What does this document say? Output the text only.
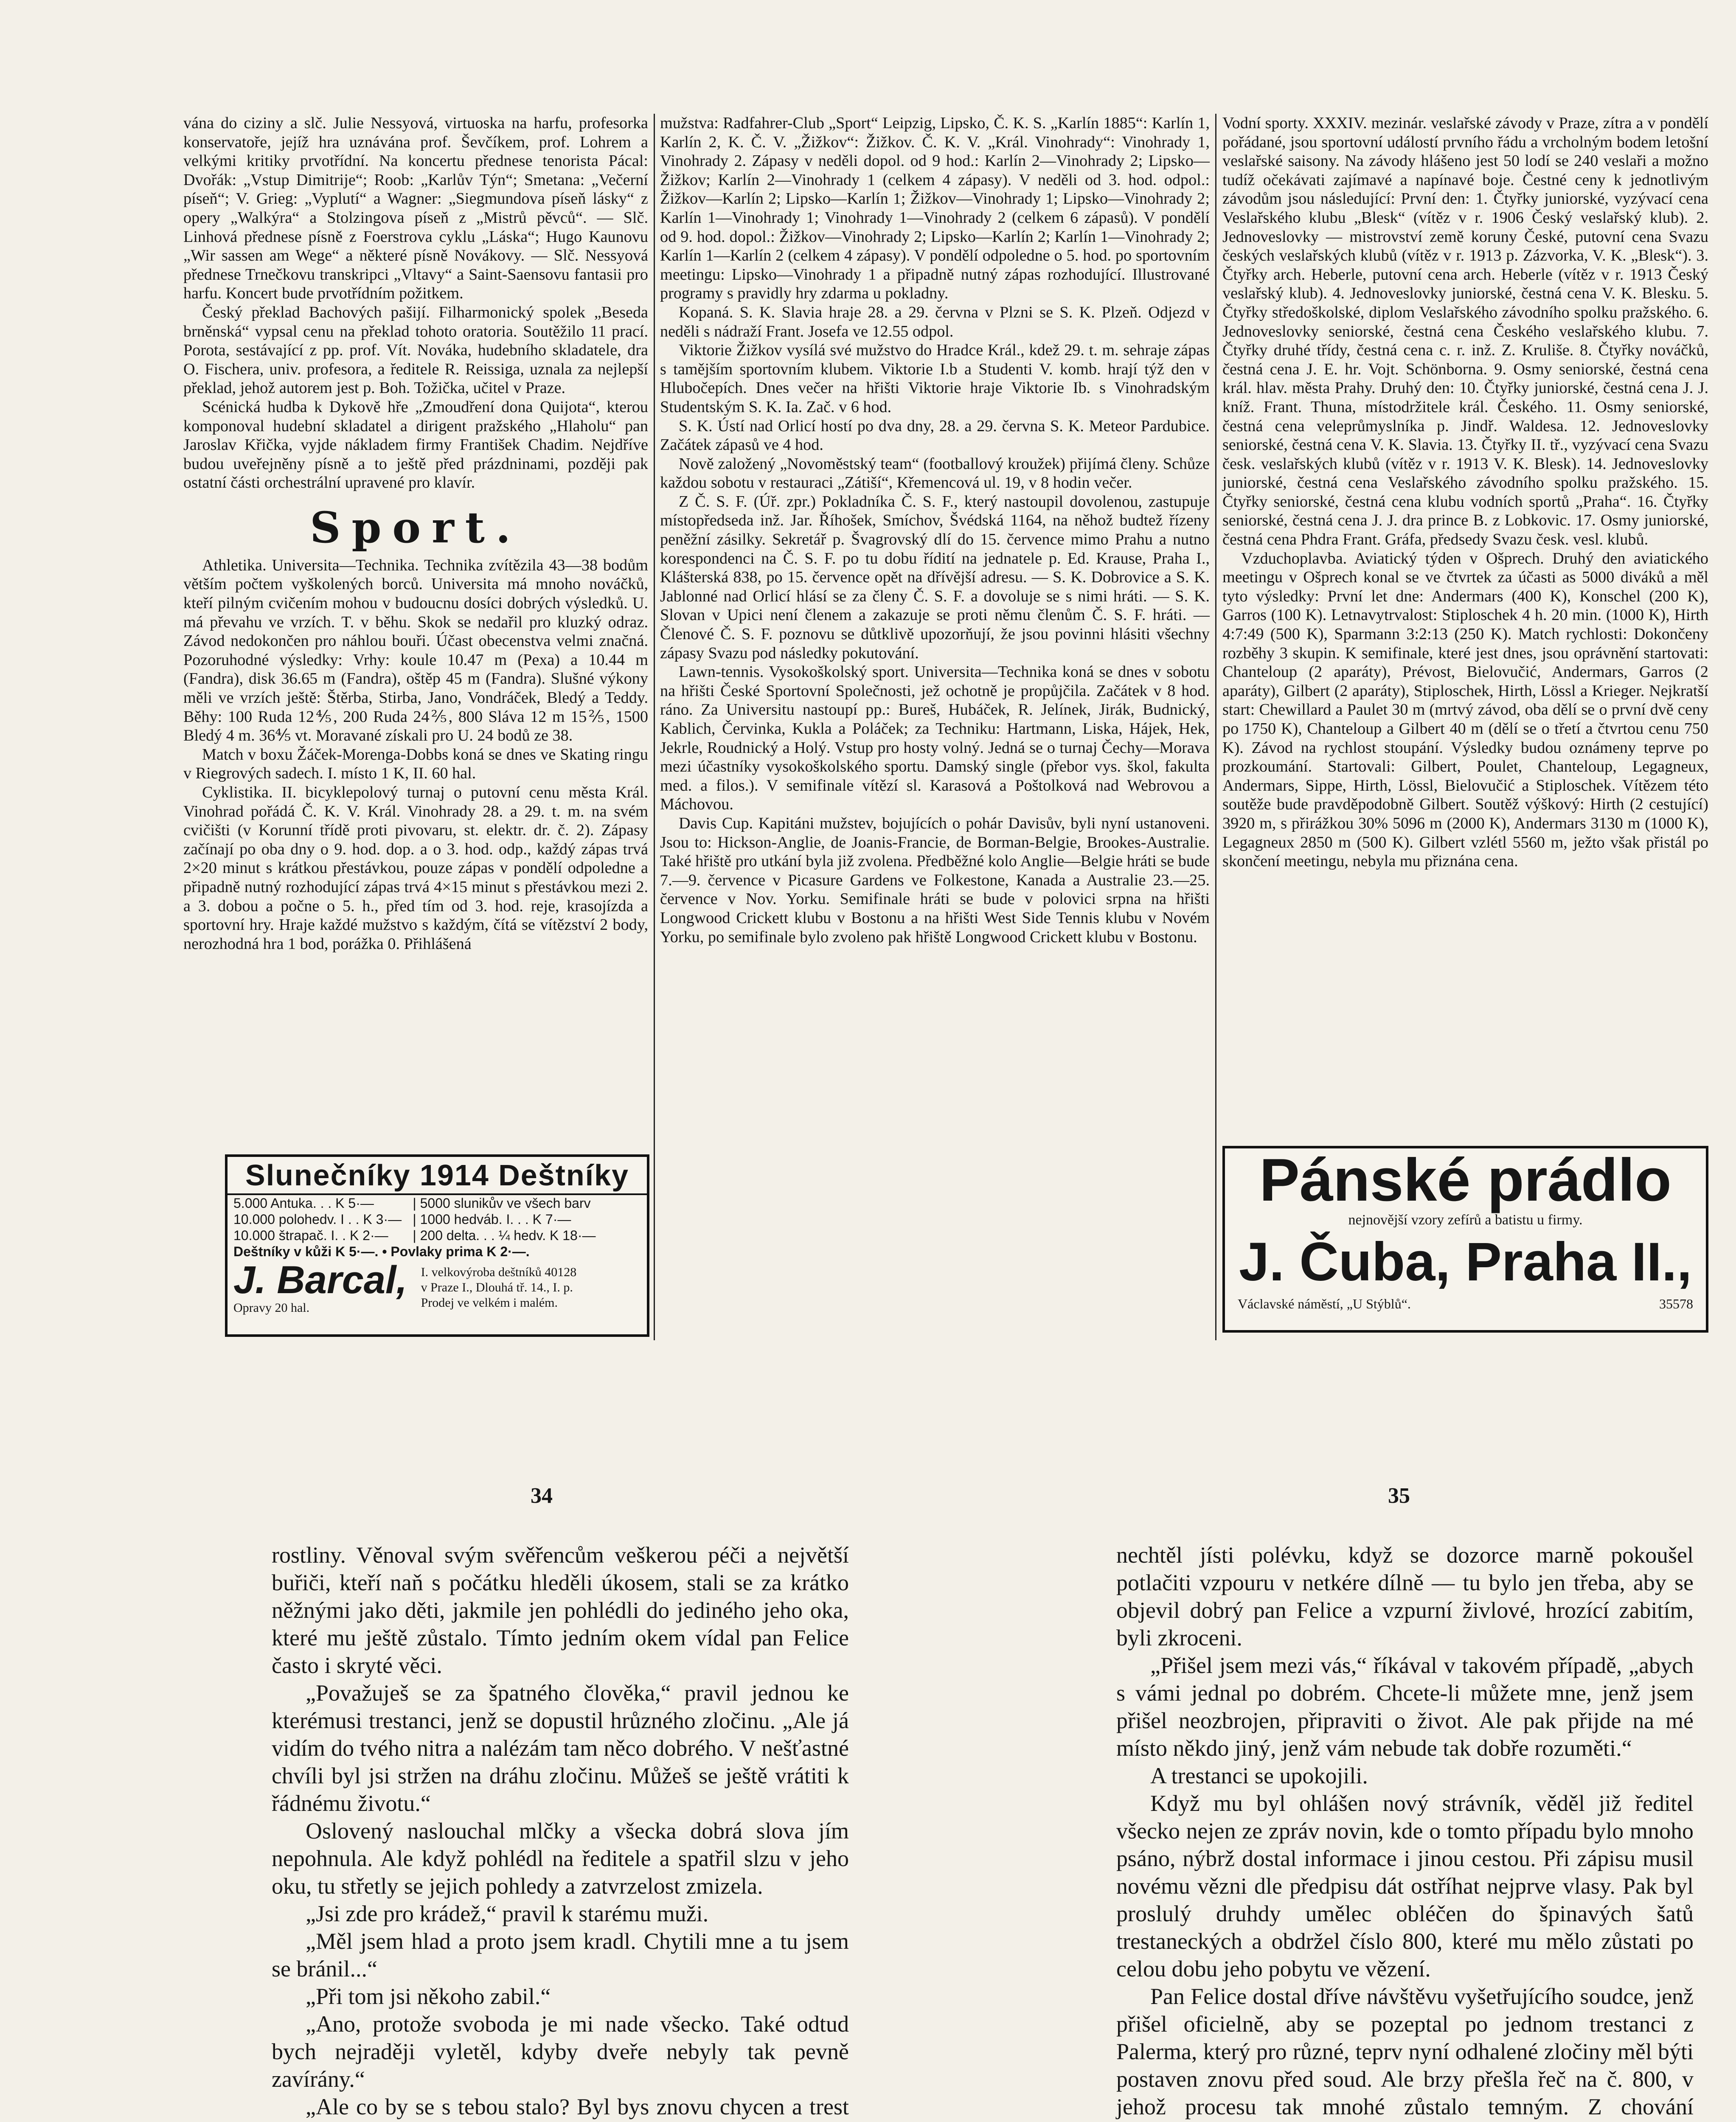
vána do ciziny a slč. Julie Nessyová, virtuoska na harfu, profesorka konservatoře, jejíž hra uznávána prof. Ševčíkem, prof. Lohrem a velkými kritiky prvotřídní. Na koncertu přednese tenorista Pácal: Dvořák: „Vstup Dimitrije“; Roob: „Karlův Týn“; Smetana: „Večerní píseň“; V. Grieg: „Vyplutí“ a Wagner: „Siegmundova píseň lásky“ z opery „Walkýra“ a Stolzingova píseň z „Mistrů pěvců“. — Slč. Linhová přednese písně z Foerstrova cyklu „Láska“; Hugo Kaunovu „Wir sassen am Wege“ a některé písně Novákovy. — Slč. Nessyová přednese Trnečkovu transkripci „Vltavy“ a Saint-Saensovu fantasii pro harfu. Koncert bude prvotřídním požitkem.

Český překlad Bachových pašijí. Filharmonický spolek „Beseda brněnská“ vypsal cenu na překlad tohoto oratoria. Soutěžilo 11 prací. Porota, sestávající z pp. prof. Vít. Nováka, hudebního skladatele, dra O. Fischera, univ. profesora, a ředitele R. Reissiga, uznala za nejlepší překlad, jehož autorem jest p. Boh. Tožička, učitel v Praze.

Scénická hudba k Dykově hře „Zmoudření dona Quijota“, kterou komponoval hudební skladatel a dirigent pražského „Hlaholu“ pan Jaroslav Křička, vyjde nákladem firmy František Chadim. Nejdříve budou uveřejněny písně a to ještě před prázdninami, později pak ostatní části orchestrální upravené pro klavír.

Sport.

Athletika. Universita—Technika. Technika zvítězila 43—38 bodům větším počtem vyškolených borců. Universita má mnoho nováčků, kteří pilným cvičením mohou v budoucnu dosíci dobrých výsledků. U. má převahu ve vrzích. T. v běhu. Skok se nedařil pro kluzký odraz. Závod nedokončen pro náhlou bouři. Účast obecenstva velmi značná. Pozoruhodné výsledky: Vrhy: koule 10.47 m (Pexa) a 10.44 m (Fandra), disk 36.65 m (Fandra), oštěp 45 m (Fandra). Slušné výkony měli ve vrzích ještě: Štěrba, Stirba, Jano, Vondráček, Bledý a Teddy. Běhy: 100 Ruda 12⅘, 200 Ruda 24⅖, 800 Sláva 12 m 15⅖, 1500 Bledý 4 m. 36⅘ vt. Moravané získali pro U. 24 bodů ze 38.

Match v boxu Žáček-Morenga-Dobbs koná se dnes ve Skating ringu v Riegrových sadech. I. místo 1 K, II. 60 hal.

Cyklistika. II. bicyklepolový turnaj o putovní cenu města Král. Vinohrad pořádá Č. K. V. Král. Vinohrady 28. a 29. t. m. na svém cvičišti (v Korunní třídě proti pivovaru, st. elektr. dr. č. 2). Zápasy začínají po oba dny o 9. hod. dop. a o 3. hod. odp., každý zápas trvá 2×20 minut s krátkou přestávkou, pouze zápas v pondělí odpoledne a připadně nutný rozhodující zápas trvá 4×15 minut s přestávkou mezi 2. a 3. dobou a počne o 5. h., před tím od 3. hod. reje, krasojízda a sportovní hry. Hraje každé mužstvo s každým, čítá se vítězství 2 body, nerozhodná hra 1 bod, porážka 0. Přihlášená

mužstva: Radfahrer-Club „Sport“ Leipzig, Lipsko, Č. K. S. „Karlín 1885“: Karlín 1, Karlín 2, K. Č. V. „Žižkov“: Žižkov. Č. K. V. „Král. Vinohrady“: Vinohrady 1, Vinohrady 2. Zápasy v neděli dopol. od 9 hod.: Karlín 2—Vinohrady 2; Lipsko—Žižkov; Karlín 2—Vinohrady 1 (celkem 4 zápasy). V neděli od 3. hod. odpol.: Žižkov—Karlín 2; Lipsko—Karlín 1; Žižkov—Vinohrady 1; Lipsko—Vinohrady 2; Karlín 1—Vinohrady 1; Vinohrady 1—Vinohrady 2 (celkem 6 zápasů). V pondělí od 9. hod. dopol.: Žižkov—Vinohrady 2; Lipsko—Karlín 2; Karlín 1—Vinohrady 2; Karlín 1—Karlín 2 (celkem 4 zápasy). V pondělí odpoledne o 5. hod. po sportovním meetingu: Lipsko—Vinohrady 1 a připadně nutný zápas rozhodující. Illustrované programy s pravidly hry zdarma u pokladny.

Kopaná. S. K. Slavia hraje 28. a 29. června v Plzni se S. K. Plzeň. Odjezd v neděli s nádraží Frant. Josefa ve 12.55 odpol.

Viktorie Žižkov vysílá své mužstvo do Hradce Král., kdež 29. t. m. sehraje zápas s tamějším sportovním klubem. Viktorie I.b a Studenti V. komb. hrají týž den v Hlubočepích. Dnes večer na hřišti Viktorie hraje Viktorie Ib. s Vinohradským Studentským S. K. Ia. Zač. v 6 hod.

S. K. Ústí nad Orlicí hostí po dva dny, 28. a 29. června S. K. Meteor Pardubice. Začátek zápasů ve 4 hod.

Nově založený „Novoměstský team“ (footballový kroužek) přijímá členy. Schůze každou sobotu v restauraci „Zátiší“, Křemencová ul. 19, v 8 hodin večer.

Z Č. S. F. (Úř. zpr.) Pokladníka Č. S. F., který nastoupil dovolenou, zastupuje místopředseda inž. Jar. Říhošek, Smíchov, Švédská 1164, na něhož budtež řízeny peněžní zásilky. Sekretář p. Švagrovský dlí do 15. července mimo Prahu a nutno korespondenci na Č. S. F. po tu dobu řídití na jednatele p. Ed. Krause, Praha I., Klášterská 838, po 15. července opět na dřívější adresu. — S. K. Dobrovice a S. K. Jablonné nad Orlicí hlásí se za členy Č. S. F. a dovoluje se s nimi hráti. — S. K. Slovan v Upici není členem a zakazuje se proti němu členům Č. S. F. hráti. — Členové Č. S. F. poznovu se důtklivě upozorňují, že jsou povinni hlásiti všechny zápasy Svazu pod následky pokutování.

Lawn-tennis. Vysokoškolský sport. Universita—Technika koná se dnes v sobotu na hřišti České Sportovní Společnosti, jež ochotně je propůjčila. Začátek v 8 hod. ráno. Za Universitu nastoupí pp.: Bureš, Hubáček, R. Jelínek, Jirák, Budnický, Kablich, Červinka, Kukla a Poláček; za Techniku: Hartmann, Liska, Hájek, Hek, Jekrle, Roudnický a Holý. Vstup pro hosty volný. Jedná se o turnaj Čechy—Morava mezi účastníky vysokoškolského sportu. Damský single (přebor vys. škol, fakulta med. a filos.). V semifinale vítězí sl. Karasová a Poštolková nad Webrovou a Máchovou.

Davis Cup. Kapitáni mužstev, bojujících o pohár Davisův, byli nyní ustanoveni. Jsou to: Hickson-Anglie, de Joanis-Francie, de Borman-Belgie, Brookes-Australie. Také hřiště pro utkání byla již zvolena. Předběžné kolo Anglie—Belgie hráti se bude 7.—9. července v Picasure Gardens ve Folkestone, Kanada a Australie 23.—25. července v Nov. Yorku. Semifinale hráti se bude v polovici srpna na hřišti Longwood Crickett klubu v Bostonu a na hřišti West Side Tennis klubu v Novém Yorku, po semifinale bylo zvoleno pak hřiště Longwood Crickett klubu v Bostonu.

Vodní sporty. XXXIV. mezinár. veslařské závody v Praze, zítra a v pondělí pořádané, jsou sportovní událostí prvního řádu a vrcholným bodem letošní veslařské saisony. Na závody hlášeno jest 50 lodí se 240 veslaři a možno tudíž očekávati zajímavé a napínavé boje. Čestné ceny k jednotlivým závodům jsou následující: První den: 1. Čtyřky juniorské, vyzývací cena Veslařského klubu „Blesk“ (vítěz v r. 1906 Český veslařský klub). 2. Jednoveslovky — mistrovství země koruny České, putovní cena Svazu českých veslařských klubů (vítěz v r. 1913 p. Zázvorka, V. K. „Blesk“). 3. Čtyřky arch. Heberle, putovní cena arch. Heberle (vítěz v r. 1913 Český veslařský klub). 4. Jednoveslovky juniorské, čestná cena V. K. Blesku. 5. Čtyřky středoškolské, diplom Veslařského závodního spolku pražského. 6. Jednoveslovky seniorské, čestná cena Českého veslařského klubu. 7. Čtyřky druhé třídy, čestná cena c. r. inž. Z. Kruliše. 8. Čtyřky nováčků, čestná cena J. E. hr. Vojt. Schönborna. 9. Osmy seniorské, čestná cena král. hlav. města Prahy. Druhý den: 10. Čtyřky juniorské, čestná cena J. J. kníž. Frant. Thuna, místodržitele král. Českého. 11. Osmy seniorské, čestná cena veleprůmyslníka p. Jindř. Waldesa. 12. Jednoveslovky seniorské, čestná cena V. K. Slavia. 13. Čtyřky II. tř., vyzývací cena Svazu česk. veslařských klubů (vítěz v r. 1913 V. K. Blesk). 14. Jednoveslovky juniorské, čestná cena Veslařského závodního spolku pražského. 15. Čtyřky seniorské, čestná cena klubu vodních sportů „Praha“. 16. Čtyřky seniorské, čestná cena J. J. dra prince B. z Lobkovic. 17. Osmy juniorské, čestná cena Phdra Frant. Gráfa, předsedy Svazu česk. vesl. klubů.

Vzduchoplavba. Aviatický týden v Ošprech. Druhý den aviatického meetingu v Ošprech konal se ve čtvrtek za účasti as 5000 diváků a měl tyto výsledky: První let dne: Andermars (400 K), Konschel (200 K), Garros (100 K). Letnavytrvalost: Stiploschek 4 h. 20 min. (1000 K), Hirth 4:7:49 (500 K), Sparmann 3:2:13 (250 K). Match rychlosti: Dokončeny rozběhy 3 skupin. K semifinale, které jest dnes, jsou oprávnění startovati: Chanteloup (2 aparáty), Prévost, Bielovučić, Andermars, Garros (2 aparáty), Gilbert (2 aparáty), Stiploschek, Hirth, Lössl a Krieger. Nejkratší start: Chewillard a Paulet 30 m (mrtvý závod, oba dělí se o první dvě ceny po 1750 K), Chanteloup a Gilbert 40 m (dělí se o třetí a čtvrtou cenu 750 K). Závod na rychlost stoupání. Výsledky budou oznámeny teprve po prozkoumání. Startovali: Gilbert, Poulet, Chanteloup, Legagneux, Andermars, Sippe, Hirth, Lössl, Bielovučić a Stiploschek. Vítězem této soutěže bude pravděpodobně Gilbert. Soutěž výškový: Hirth (2 cestující) 3920 m, s přirážkou 30% 5096 m (2000 K), Andermars 3130 m (1000 K), Legagneux 2850 m (500 K). Gilbert vzlétl 5560 m, ježto však přistál po skončení meetingu, nebyla mu přiznána cena.

Slunečníky 1914 Deštníky
5.000 Antuka. . . K 5·—	| 5000 slunikův ve všech barv
10.000 polohedv. I . . K 3·— | 1000 hedváb. I. . . K 7·—
10.000 štrapač. I. . K 2·—	| 200 delta. . . ¼ hedv. K 18·—
Deštníky v kůži K 5·—. • Povlaky prima K 2·—.
J. Barcal,
Opravy 20 hal.
I. velkovýroba deštníků 40128
v Praze I., Dlouhá tř. 14., I. p.
Prodej ve velkém i malém.
Pánské prádlo
nejnovější vzory zefírů a batistu u firmy.
J. Čuba, Praha II.,
Václavské náměstí, „U Stýblů“.	35578
34	35

rostliny. Věnoval svým svěřencům veškerou péči a největší buřiči, kteří naň s počátku hleděli úkosem, stali se za krátko něžnými jako děti, jakmile jen pohlédli do jediného jeho oka, které mu ještě zůstalo. Tímto jedním okem vídal pan Felice často i skryté věci.

„Považuješ se za špatného člověka,“ pravil jednou ke kterémusi trestanci, jenž se dopustil hrůzného zločinu. „Ale já vidím do tvého nitra a nalézám tam něco dobrého. V nešťastné chvíli byl jsi stržen na dráhu zločinu. Můžeš se ještě vrátiti k řádnému životu.“

Oslovený naslouchal mlčky a všecka dobrá slova jím nepohnula. Ale když pohlédl na ředitele a spatřil slzu v jeho oku, tu střetly se jejich pohledy a zatvrzelost zmizela.

„Jsi zde pro krádež,“ pravil k starému muži.

„Měl jsem hlad a proto jsem kradl. Chytili mne a tu jsem se bránil...“

„Při tom jsi někoho zabil.“

„Ano, protože svoboda je mi nade všecko. Také odtud bych nejraději vyletěl, kdyby dveře nebyly tak pevně zavírány.“

„Ale co by se s tebou stalo? Byl bys znovu chycen a trest

nechtěl jísti polévku, když se dozorce marně pokoušel potlačiti vzpouru v netkére dílně — tu bylo jen třeba, aby se objevil dobrý pan Felice a vzpurní živlové, hrozící zabitím, byli zkroceni.

„Přišel jsem mezi vás,“ říkával v takovém případě, „abych s vámi jednal po dobrém. Chcete-li můžete mne, jenž jsem přišel neozbrojen, připraviti o život. Ale pak přijde na mé místo někdo jiný, jenž vám nebude tak dobře rozuměti.“

A trestanci se upokojili.

Když mu byl ohlášen nový strávník, věděl již ředitel všecko nejen ze zpráv novin, kde o tomto případu bylo mnoho psáno, nýbrž dostal informace i jinou cestou. Při zápisu musil novému vězni dle předpisu dát ostříhat nejprve vlasy. Pak byl proslulý druhdy umělec obléčen do špinavých šatů trestaneckých a obdržel číslo 800, které mu mělo zůstati po celou dobu jeho pobytu ve vězení.

Pan Felice dostal dříve návštěvu vyšetřujícího soudce, jenž přišel oficielně, aby se pozeptal po jednom trestanci z Palerma, který pro různé, teprv nyní odhalené zločiny měl býti postaven znovu před soud. Ale brzy přešla řeč na č. 800, v jehož procesu tak mnohé zůstalo temným. Z chování
